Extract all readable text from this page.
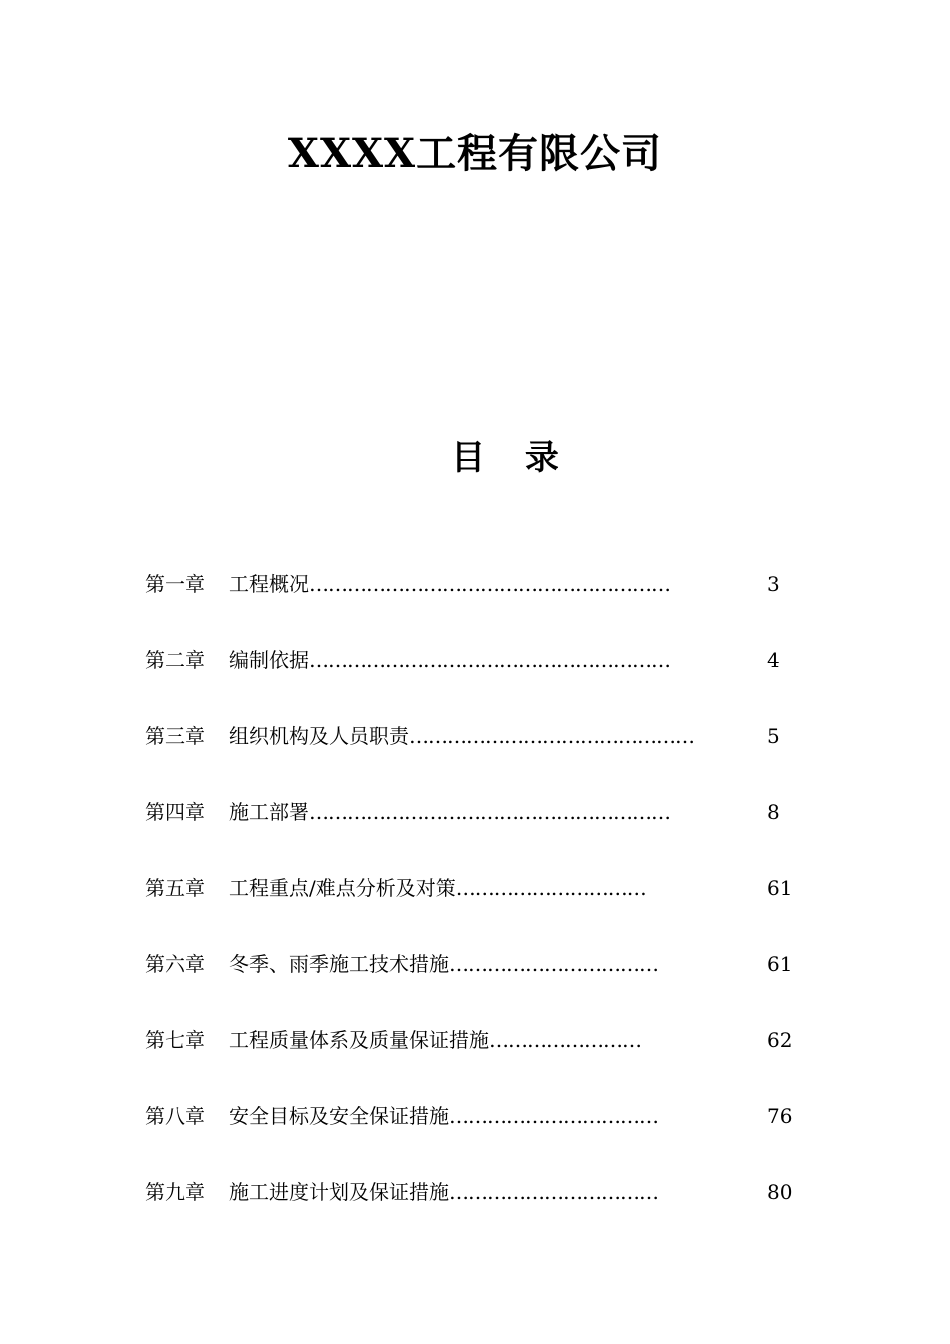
XXXX工程有限公司
目 录
第一章 工程概况…………………………………………………	3
第二章 编制依据…………………………………………………	4
第三章 组织机构及人员职责………………………………………	5
第四章 施工部署…………………………………………………	8
第五章 工程重点/难点分析及对策…………………………	61
第六章 冬季、雨季施工技术措施……………………………	61
第七章 工程质量体系及质量保证措施……………………	62
第八章 安全目标及安全保证措施……………………………	76
第九章 施工进度计划及保证措施……………………………	80
